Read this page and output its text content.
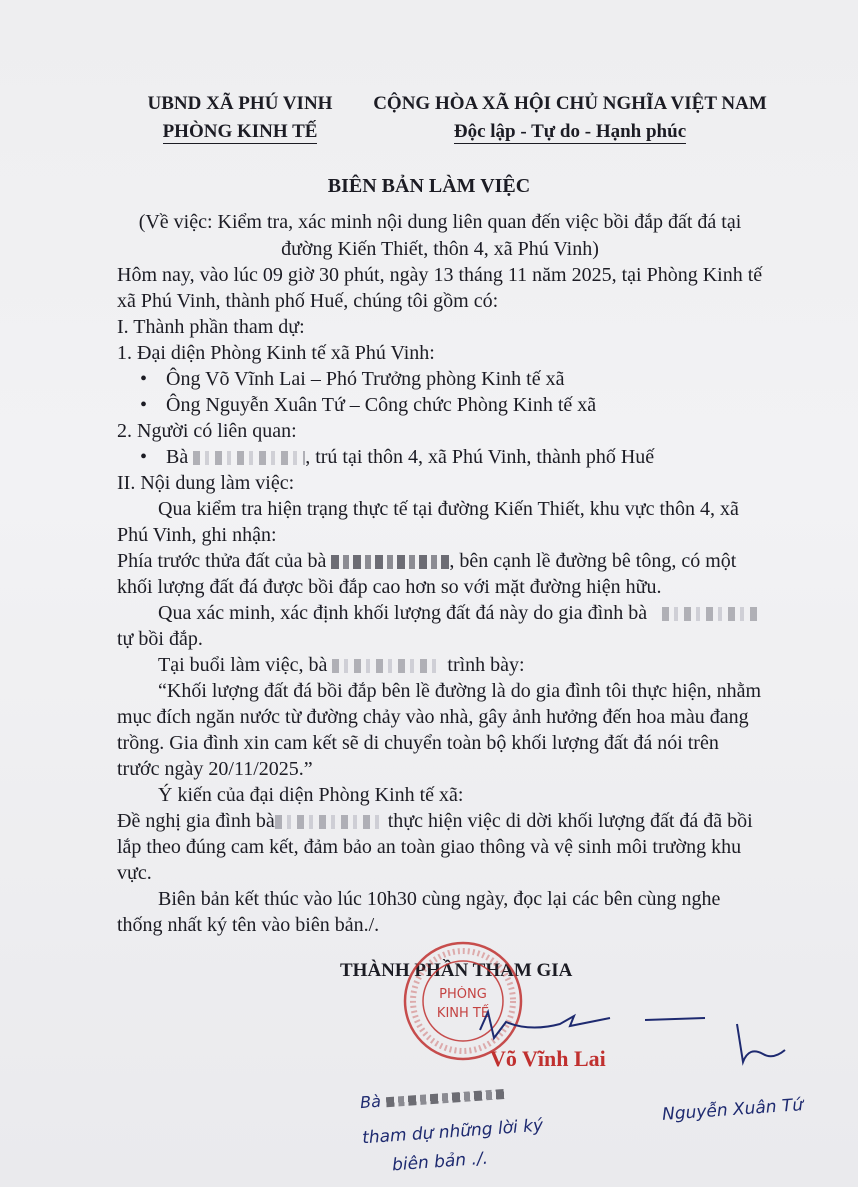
UBND XÃ PHÚ VINH
PHÒNG KINH TẾ
CỘNG HÒA XÃ HỘI CHỦ NGHĨA VIỆT NAM
Độc lập - Tự do - Hạnh phúc
BIÊN BẢN LÀM VIỆC
(Về việc: Kiểm tra, xác minh nội dung liên quan đến việc bồi đắp đất đá tại
đường Kiến Thiết, thôn 4, xã Phú Vinh)
Hôm nay, vào lúc 09 giờ 30 phút, ngày 13 tháng 11 năm 2025, tại Phòng Kinh tế
xã Phú Vinh, thành phố Huế, chúng tôi gồm có:
I. Thành phần tham dự:
1. Đại diện Phòng Kinh tế xã Phú Vinh:
• Ông Võ Vĩnh Lai – Phó Trưởng phòng Kinh tế xã
• Ông Nguyễn Xuân Tứ – Công chức Phòng Kinh tế xã
2. Người có liên quan:
• Bà	, trú tại thôn 4, xã Phú Vinh, thành phố Huế
II. Nội dung làm việc:
Qua kiểm tra hiện trạng thực tế tại đường Kiến Thiết, khu vực thôn 4, xã
Phú Vinh, ghi nhận:
Phía trước thửa đất của bà	, bên cạnh lề đường bê tông, có một
khối lượng đất đá được bồi đắp cao hơn so với mặt đường hiện hữu.
Qua xác minh, xác định khối lượng đất đá này do gia đình bà
tự bồi đắp.
Tại buổi làm việc, bà	trình bày:
“Khối lượng đất đá bồi đắp bên lề đường là do gia đình tôi thực hiện, nhằm
mục đích ngăn nước từ đường chảy vào nhà, gây ảnh hưởng đến hoa màu đang
trồng. Gia đình xin cam kết sẽ di chuyển toàn bộ khối lượng đất đá nói trên
trước ngày 20/11/2025.”
Ý kiến của đại diện Phòng Kinh tế xã:
Đề nghị gia đình bà	thực hiện việc di dời khối lượng đất đá đã bồi
lắp theo đúng cam kết, đảm bảo an toàn giao thông và vệ sinh môi trường khu
vực.
Biên bản kết thúc vào lúc 10h30 cùng ngày, đọc lại các bên cùng nghe
thống nhất ký tên vào biên bản./.
THÀNH PHẦN THAM GIA
PHÒNG
KINH TẾ
Võ Vĩnh Lai
Bà
tham dự những lời ký
biên bản ./.
Nguyễn Xuân Tứ
